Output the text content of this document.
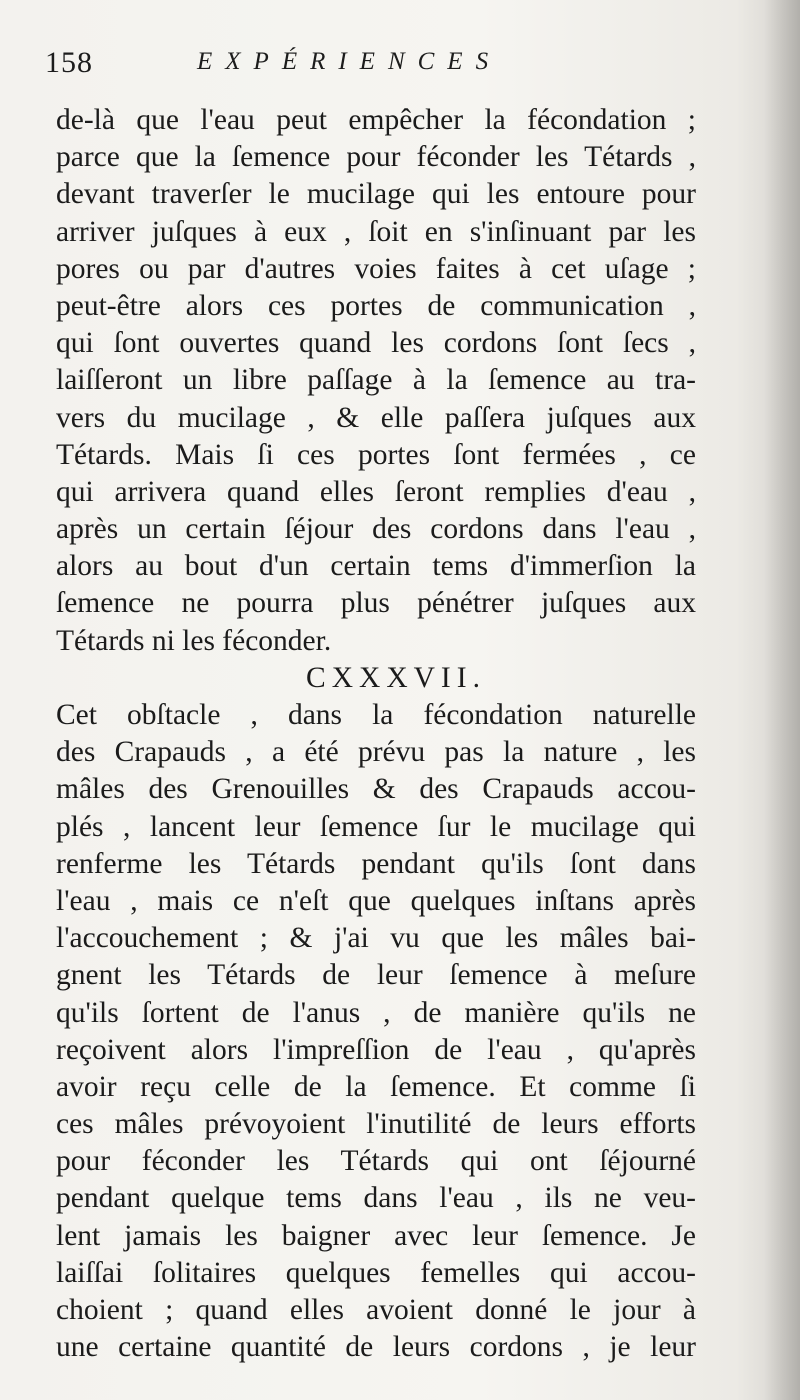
158	EXPÉRIENCES
de-là que l'eau peut empêcher la fécondation ;
parce que la ſemence pour féconder les Tétards ,
devant traverſer le mucilage qui les entoure pour
arriver juſques à eux , ſoit en s'inſinuant par les
pores ou par d'autres voies faites à cet uſage ;
peut-être alors ces portes de communication ,
qui ſont ouvertes quand les cordons ſont ſecs ,
laiſſeront un libre paſſage à la ſemence au tra-
vers du mucilage , & elle paſſera juſques aux
Tétards. Mais ſi ces portes ſont fermées , ce
qui arrivera quand elles ſeront remplies d'eau ,
après un certain ſéjour des cordons dans l'eau ,
alors au bout d'un certain tems d'immerſion la
ſemence ne pourra plus pénétrer juſques aux
Tétards ni les féconder.
CXXXVII.
Cet obſtacle , dans la fécondation naturelle
des Crapauds , a été prévu pas la nature , les
mâles des Grenouilles & des Crapauds accou-
plés , lancent leur ſemence ſur le mucilage qui
renferme les Tétards pendant qu'ils ſont dans
l'eau , mais ce n'eſt que quelques inſtans après
l'accouchement ; & j'ai vu que les mâles bai-
gnent les Tétards de leur ſemence à meſure
qu'ils ſortent de l'anus , de manière qu'ils ne
reçoivent alors l'impreſſion de l'eau , qu'après
avoir reçu celle de la ſemence. Et comme ſi
ces mâles prévoyoient l'inutilité de leurs efforts
pour féconder les Tétards qui ont ſéjourné
pendant quelque tems dans l'eau , ils ne veu-
lent jamais les baigner avec leur ſemence. Je
laiſſai ſolitaires quelques femelles qui accou-
choient ; quand elles avoient donné le jour à
une certaine quantité de leurs cordons , je leur
